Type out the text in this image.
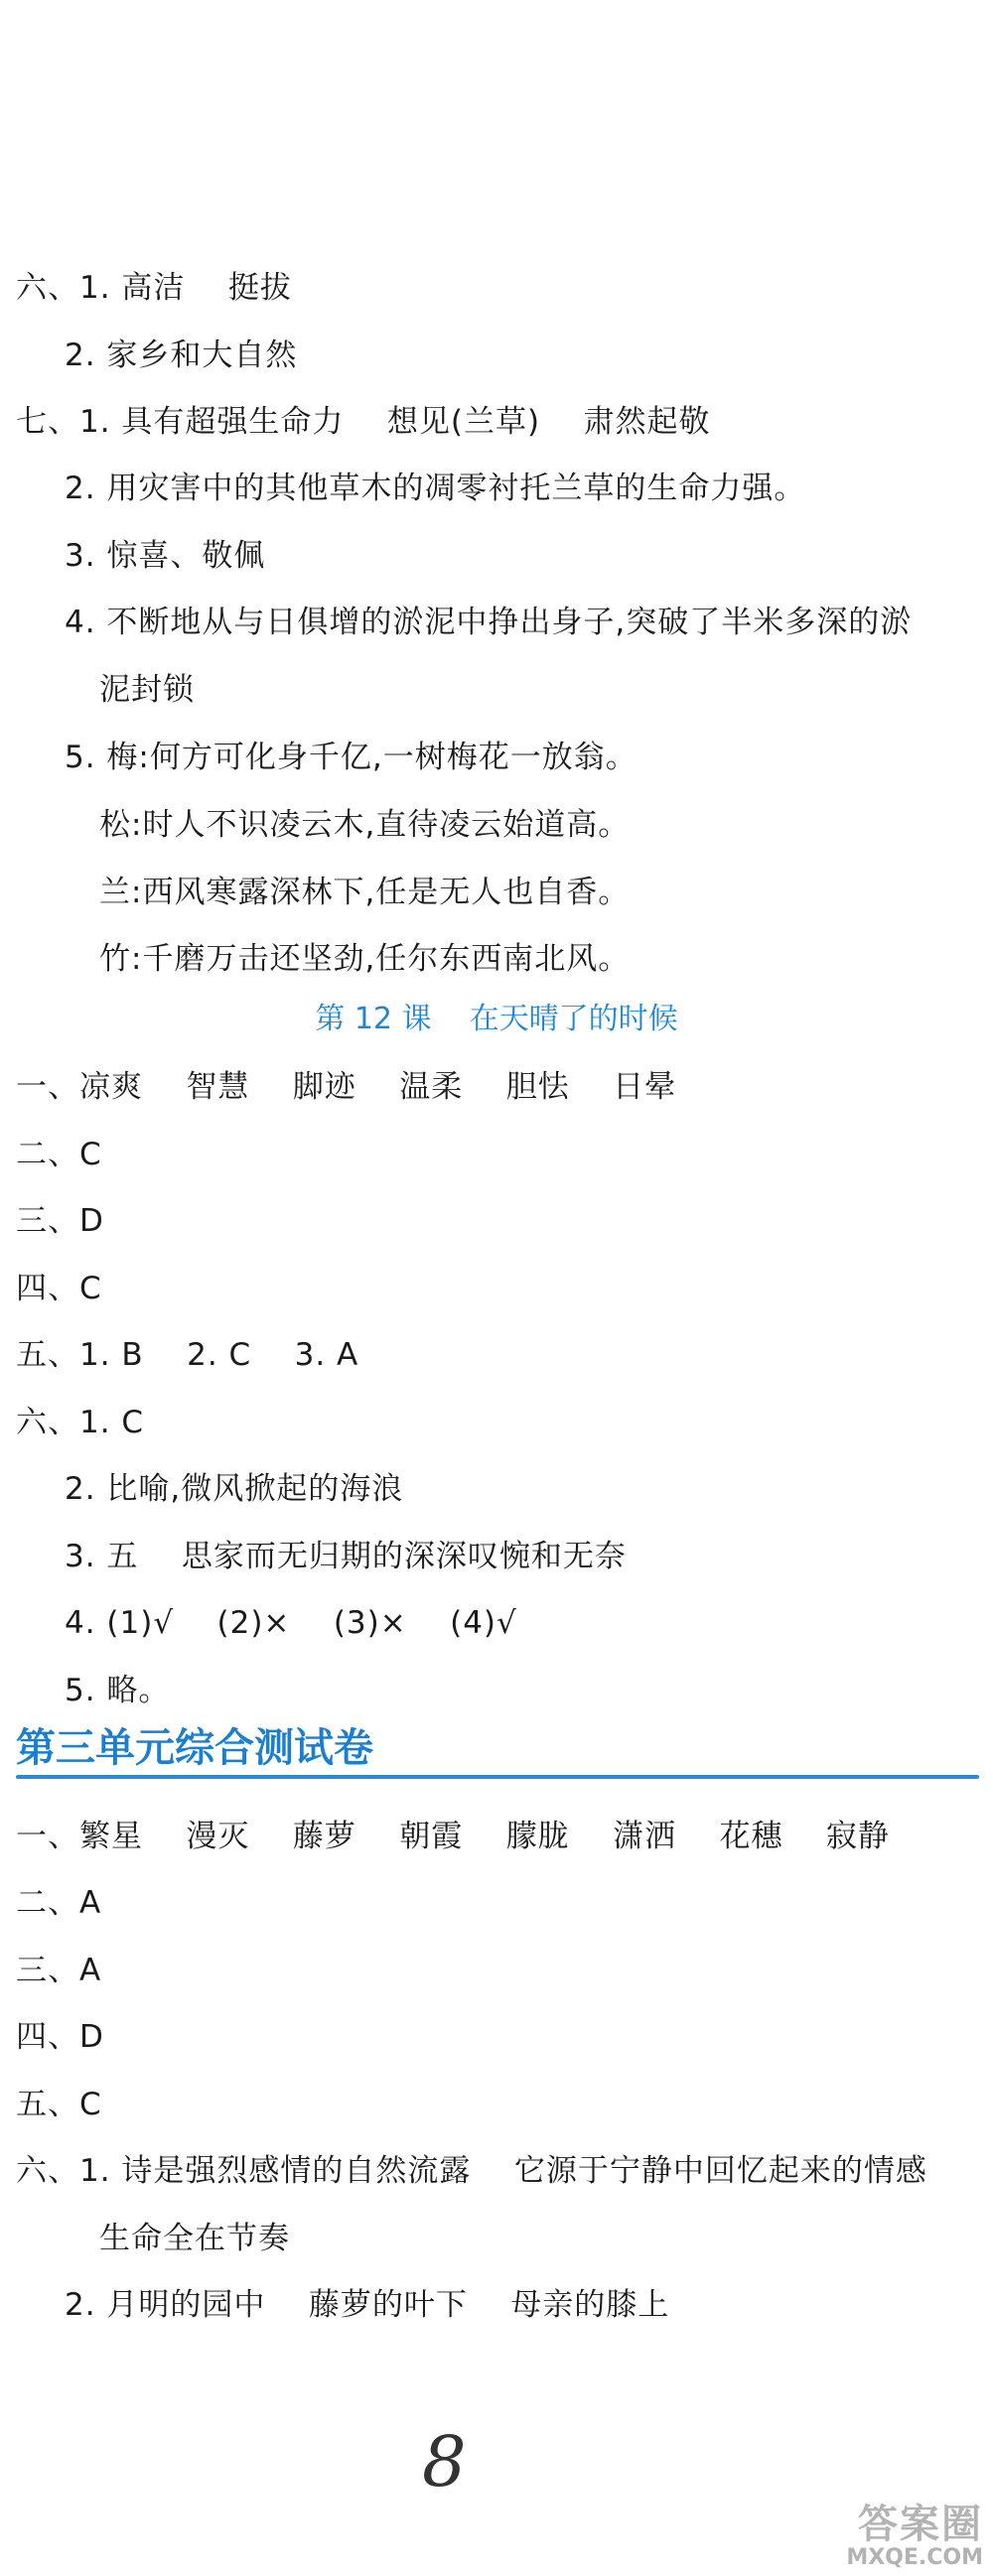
六、1. 高洁    挺拔
2. 家乡和大自然
七、1. 具有超强生命力    想见(兰草)    肃然起敬
2. 用灾害中的其他草木的凋零衬托兰草的生命力强。
3. 惊喜、敬佩
4. 不断地从与日俱增的淤泥中挣出身子,突破了半米多深的淤
泥封锁
5. 梅:何方可化身千亿,一树梅花一放翁。
松:时人不识凌云木,直待凌云始道高。
兰:西风寒露深林下,任是无人也自香。
竹:千磨万击还坚劲,任尔东西南北风。
第 12 课    在天晴了的时候
一、凉爽    智慧    脚迹    温柔    胆怯    日晕
二、C
三、D
四、C
五、1. B    2. C    3. A
六、1. C
2. 比喻,微风掀起的海浪
3. 五    思家而无归期的深深叹惋和无奈
4. (1)√    (2)×    (3)×    (4)√
5. 略。
第三单元综合测试卷
一、繁星    漫灭    藤萝    朝霞    朦胧    潇洒    花穗    寂静
二、A
三、A
四、D
五、C
六、1. 诗是强烈感情的自然流露    它源于宁静中回忆起来的情感
生命全在节奏
2. 月明的园中    藤萝的叶下    母亲的膝上
8
答案圈
MXQE.COM
